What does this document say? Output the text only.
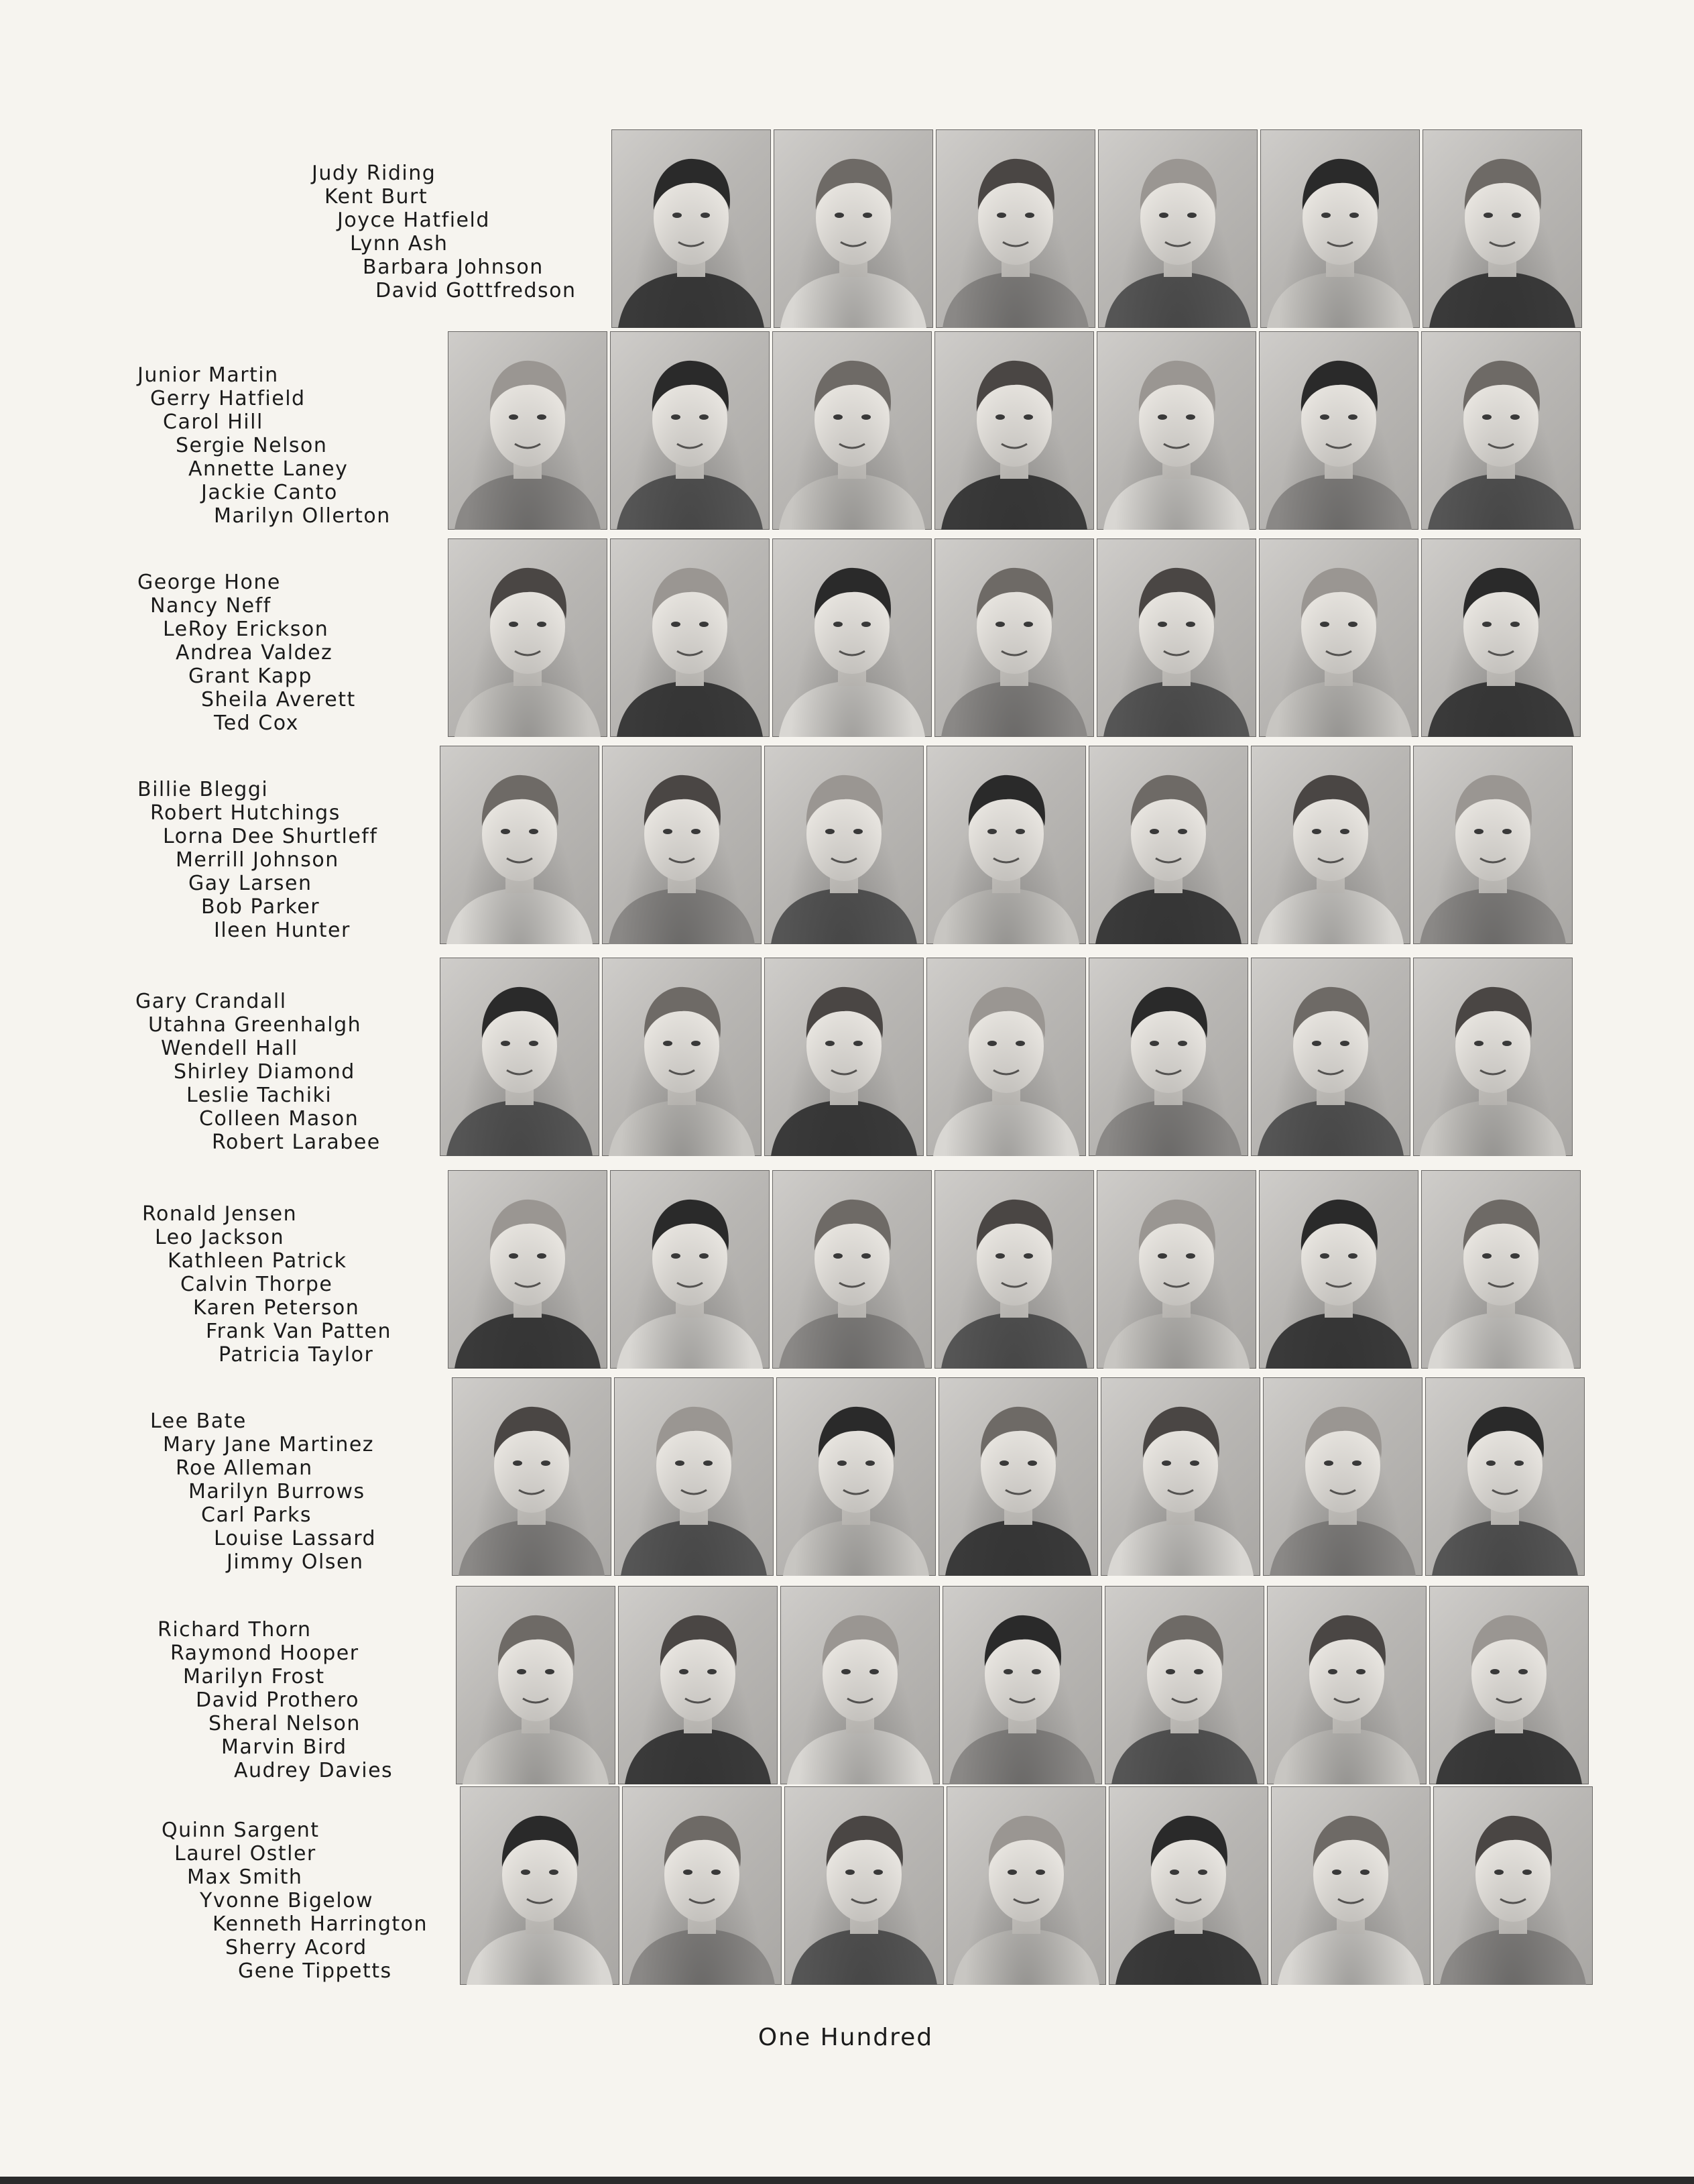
Judy Riding
Kent Burt
Joyce Hatfield
Lynn Ash
Barbara Johnson
David Gottfredson
Junior Martin
Gerry Hatfield
Carol Hill
Sergie Nelson
Annette Laney
Jackie Canto
Marilyn Ollerton
George Hone
Nancy Neff
LeRoy Erickson
Andrea Valdez
Grant Kapp
Sheila Averett
Ted Cox
Billie Bleggi
Robert Hutchings
Lorna Dee Shurtleff
Merrill Johnson
Gay Larsen
Bob Parker
Ileen Hunter
Gary Crandall
Utahna Greenhalgh
Wendell Hall
Shirley Diamond
Leslie Tachiki
Colleen Mason
Robert Larabee
Ronald Jensen
Leo Jackson
Kathleen Patrick
Calvin Thorpe
Karen Peterson
Frank Van Patten
Patricia Taylor
Lee Bate
Mary Jane Martinez
Roe Alleman
Marilyn Burrows
Carl Parks
Louise Lassard
Jimmy Olsen
Richard Thorn
Raymond Hooper
Marilyn Frost
David Prothero
Sheral Nelson
Marvin Bird
Audrey Davies
Quinn Sargent
Laurel Ostler
Max Smith
Yvonne Bigelow
Kenneth Harrington
Sherry Acord
Gene Tippetts
One Hundred
